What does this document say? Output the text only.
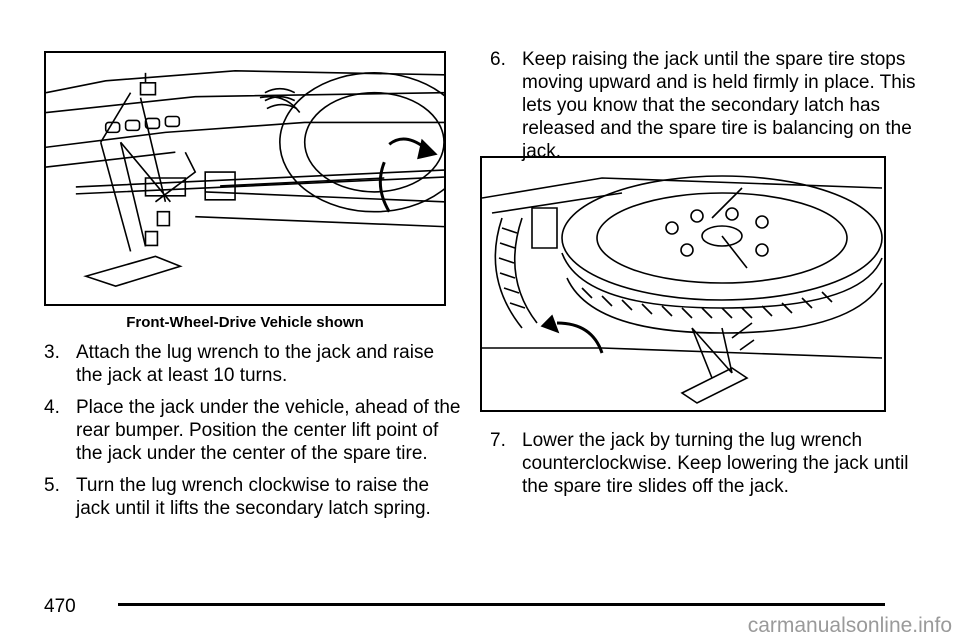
Front-Wheel-Drive Vehicle shown
3. Attach the lug wrench to the jack and raise the jack at least 10 turns.
4. Place the jack under the vehicle, ahead of the rear bumper. Position the center lift point of the jack under the center of the spare tire.
5. Turn the lug wrench clockwise to raise the jack until it lifts the secondary latch spring.
6. Keep raising the jack until the spare tire stops moving upward and is held firmly in place. This lets you know that the secondary latch has released and the spare tire is balancing on the jack.
7. Lower the jack by turning the lug wrench counterclockwise. Keep lowering the jack until the spare tire slides off the jack.
470
carmanualsonline.info
